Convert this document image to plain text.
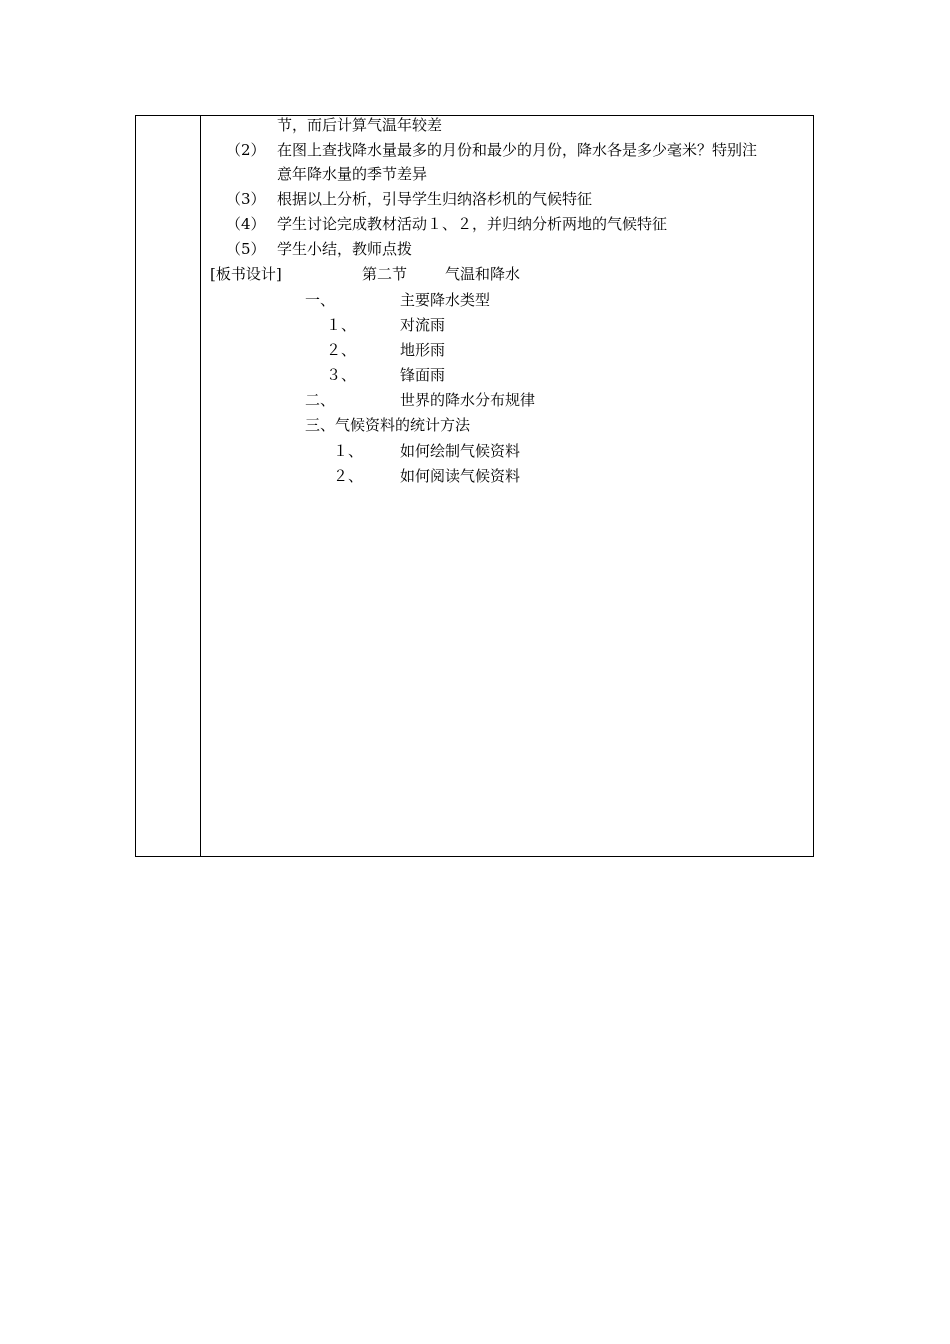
节，而后计算气温年较差
（2） 在图上查找降水量最多的月份和最少的月份，降水各是多少毫米？特别注
意年降水量的季节差异
（3） 根据以上分析，引导学生归纳洛杉机的气候特征
（4） 学生讨论完成教材活动１、２，并归纳分析两地的气候特征
（5） 学生小结，教师点拨
[板书设计]	第二节	气温和降水
一、	主要降水类型
１、	对流雨
２、	地形雨
３、	锋面雨
二、	世界的降水分布规律
三、气候资料的统计方法
１、 如何绘制气候资料
２、 如何阅读气候资料
